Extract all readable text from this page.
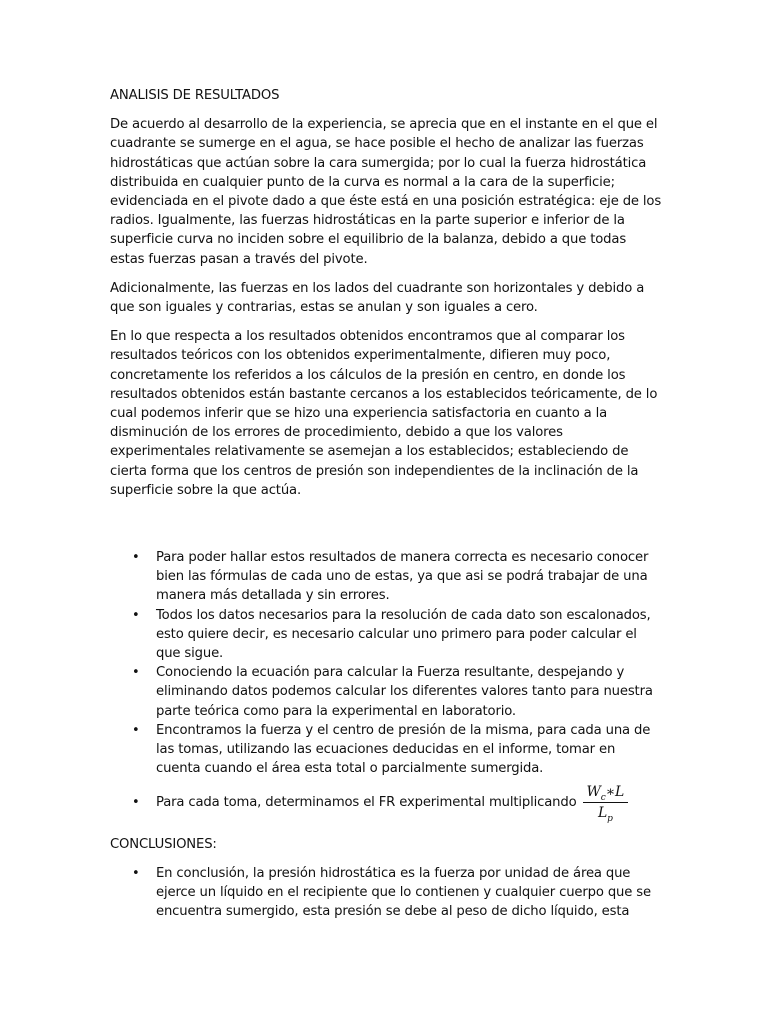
ANALISIS DE RESULTADOS

De acuerdo al desarrollo de la experiencia, se aprecia que en el instante en el que el cuadrante se sumerge en el agua, se hace posible el hecho de analizar las fuerzas hidrostáticas que actúan sobre la cara sumergida; por lo cual la fuerza hidrostática distribuida en cualquier punto de la curva es normal a la cara de la superficie; evidenciada en el pivote dado a que éste está en una posición estratégica: eje de los radios. Igualmente, las fuerzas hidrostáticas en la parte superior e inferior de la superficie curva no inciden sobre el equilibrio de la balanza, debido a que todas estas fuerzas pasan a través del pivote.

Adicionalmente, las fuerzas en los lados del cuadrante son horizontales y debido a que son iguales y contrarias, estas se anulan y son iguales a cero.

En lo que respecta a los resultados obtenidos encontramos que al comparar los resultados teóricos con los obtenidos experimentalmente, difieren muy poco, concretamente los referidos a los cálculos de la presión en centro, en donde los resultados obtenidos están bastante cercanos a los establecidos teóricamente, de lo cual podemos inferir que se hizo una experiencia satisfactoria en cuanto a la disminución de los errores de procedimiento, debido a que los valores experimentales relativamente se asemejan a los establecidos; estableciendo de cierta forma que los centros de presión son independientes de la inclinación de la superficie sobre la que actúa.

• Para poder hallar estos resultados de manera correcta es necesario conocer bien las fórmulas de cada uno de estas, ya que asi se podrá trabajar de una manera más detallada y sin errores.
• Todos los datos necesarios para la resolución de cada dato son escalonados, esto quiere decir, es necesario calcular uno primero para poder calcular el que sigue.
• Conociendo la ecuación para calcular la Fuerza resultante, despejando y eliminando datos podemos calcular los diferentes valores tanto para nuestra parte teórica como para la experimental en laboratorio.
• Encontramos la fuerza y el centro de presión de la misma, para cada una de las tomas, utilizando las ecuaciones deducidas en el informe, tomar en cuenta cuando el área esta total o parcialmente sumergida.
• Para cada toma, determinamos el FR experimental multiplicando $\frac{W_c∗L}{L_p}$
CONCLUSIONES:
• En conclusión, la presión hidrostática es la fuerza por unidad de área que ejerce un líquido en el recipiente que lo contienen y cualquier cuerpo que se encuentra sumergido, esta presión se debe al peso de dicho líquido, esta
